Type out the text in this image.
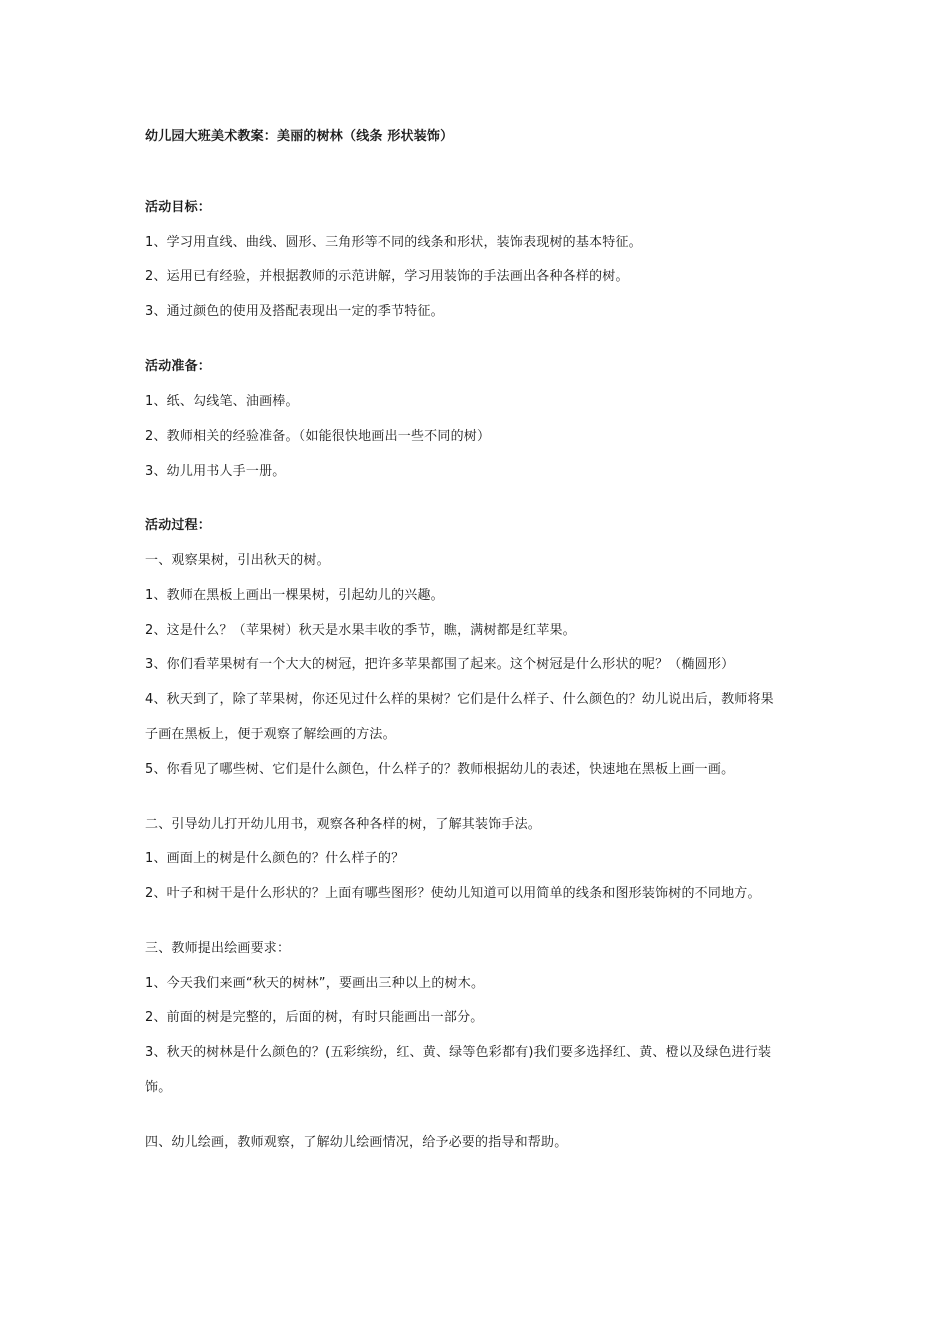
幼儿园大班美术教案：美丽的树林（线条 形状装饰）
活动目标：
1、学习用直线、曲线、圆形、三角形等不同的线条和形状，装饰表现树的基本特征。
2、运用已有经验，并根据教师的示范讲解，学习用装饰的手法画出各种各样的树。
3、通过颜色的使用及搭配表现出一定的季节特征。
活动准备：
1、纸、勾线笔、油画棒。
2、教师相关的经验准备。（如能很快地画出一些不同的树）
3、幼儿用书人手一册。
活动过程：
一、观察果树，引出秋天的树。
1、教师在黑板上画出一棵果树，引起幼儿的兴趣。
2、这是什么？（苹果树）秋天是水果丰收的季节，瞧，满树都是红苹果。
3、你们看苹果树有一个大大的树冠，把许多苹果都围了起来。这个树冠是什么形状的呢？（椭圆形）
4、秋天到了，除了苹果树，你还见过什么样的果树？它们是什么样子、什么颜色的？幼儿说出后，教师将果
子画在黑板上，便于观察了解绘画的方法。
5、你看见了哪些树、它们是什么颜色，什么样子的？教师根据幼儿的表述，快速地在黑板上画一画。
二、引导幼儿打开幼儿用书，观察各种各样的树，了解其装饰手法。
1、画面上的树是什么颜色的？什么样子的？
2、叶子和树干是什么形状的？上面有哪些图形？使幼儿知道可以用简单的线条和图形装饰树的不同地方。
三、教师提出绘画要求：
1、今天我们来画“秋天的树林”，要画出三种以上的树木。
2、前面的树是完整的，后面的树，有时只能画出一部分。
3、秋天的树林是什么颜色的？(五彩缤纷，红、黄、绿等色彩都有)我们要多选择红、黄、橙以及绿色进行装
饰。
四、幼儿绘画，教师观察，了解幼儿绘画情况，给予必要的指导和帮助。
